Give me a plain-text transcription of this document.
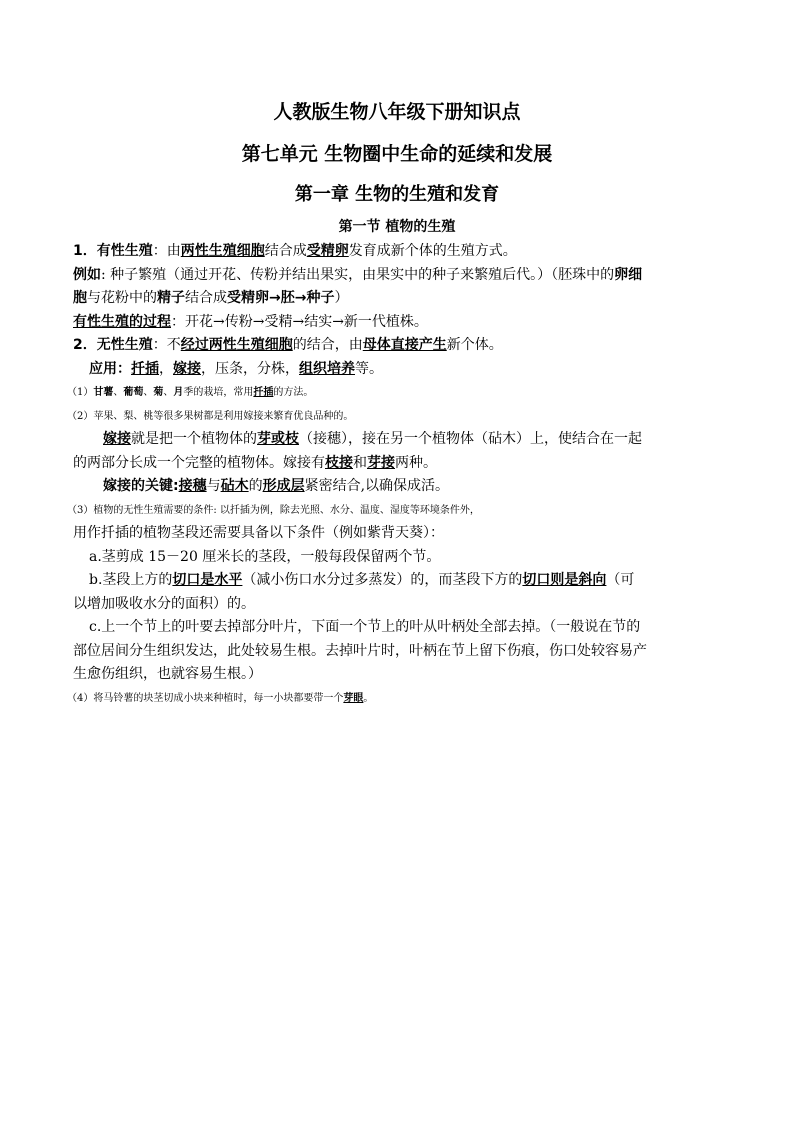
人教版生物八年级下册知识点
第七单元 生物圈中生命的延续和发展
第一章 生物的生殖和发育
第一节 植物的生殖

1．有性生殖：由两性生殖细胞结合成受精卵发育成新个体的生殖方式。

例如: 种子繁殖（通过开花、传粉并结出果实，由果实中的种子来繁殖后代。）（胚珠中的卵细

胞与花粉中的精子结合成受精卵→胚→种子）

有性生殖的过程：开花→传粉→受精→结实→新一代植株。

2．无性生殖：不经过两性生殖细胞的结合，由母体直接产生新个体。

应用：扦插，嫁接，压条，分株，组织培养等。

（1）甘薯、葡萄、菊、月季的栽培，常用扦插的方法。

（2）苹果、梨、桃等很多果树都是利用嫁接来繁育优良品种的。

嫁接就是把一个植物体的芽或枝（接穗），接在另一个植物体（砧木）上，使结合在一起

的两部分长成一个完整的植物体。嫁接有枝接和芽接两种。

嫁接的关键:接穗与砧木的形成层紧密结合,以确保成活。

（3）植物的无性生殖需要的条件: 以扦插为例，除去光照、水分、温度、湿度等环境条件外，

用作扦插的植物茎段还需要具备以下条件（例如紫背天葵）：

a.茎剪成 15－20 厘米长的茎段，一般每段保留两个节。

b.茎段上方的切口是水平（减小伤口水分过多蒸发）的，而茎段下方的切口则是斜向（可

以增加吸收水分的面积）的。

c.上一个节上的叶要去掉部分叶片，下面一个节上的叶从叶柄处全部去掉。（一般说在节的

部位居间分生组织发达，此处较易生根。去掉叶片时，叶柄在节上留下伤痕，伤口处较容易产

生愈伤组织，也就容易生根。）

（4）将马铃薯的块茎切成小块来种植时，每一小块都要带一个芽眼。
